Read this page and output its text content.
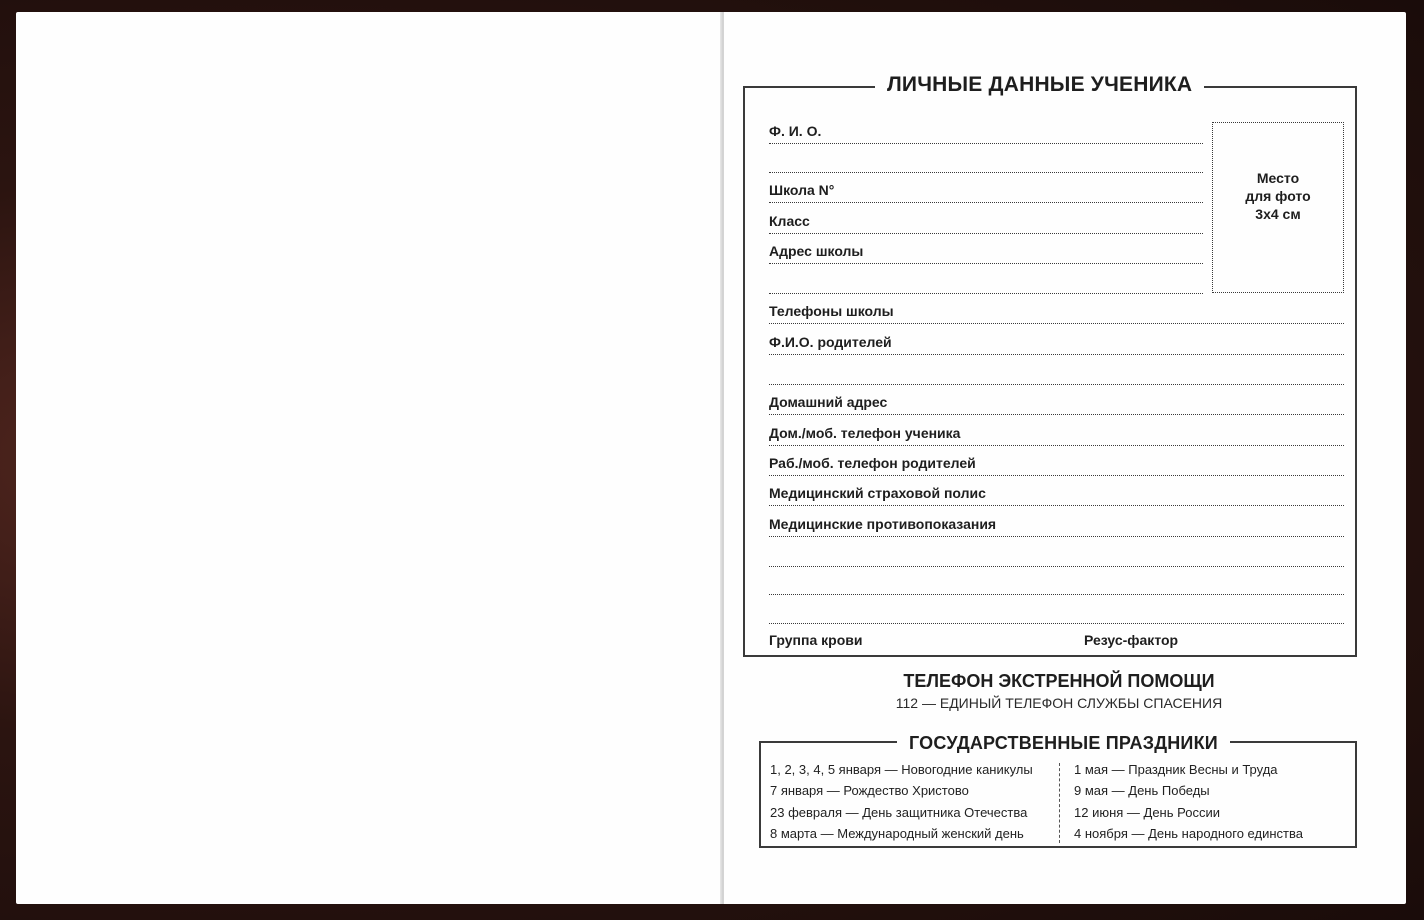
ЛИЧНЫЕ ДАННЫЕ УЧЕНИКА
Ф. И. О.
Школа N°
Класс
Адрес школы
Место
для фото
3х4 см
Телефоны школы
Ф.И.О. родителей
Домашний адрес
Дом./моб. телефон ученика
Раб./моб. телефон родителей
Медицинский страховой полис
Медицинские противопоказания
Группа крови	Резус-фактор
ТЕЛЕФОН ЭКСТРЕННОЙ ПОМОЩИ
112 — ЕДИНЫЙ ТЕЛЕФОН СЛУЖБЫ СПАСЕНИЯ
ГОСУДАРСТВЕННЫЕ ПРАЗДНИКИ
1, 2, 3, 4, 5 января — Новогодние каникулы
7 января — Рождество Христово
23 февраля — День защитника Отечества
8 марта — Международный женский день
1 мая — Праздник Весны и Труда
9 мая — День Победы
12 июня — День России
4 ноября — День народного единства
